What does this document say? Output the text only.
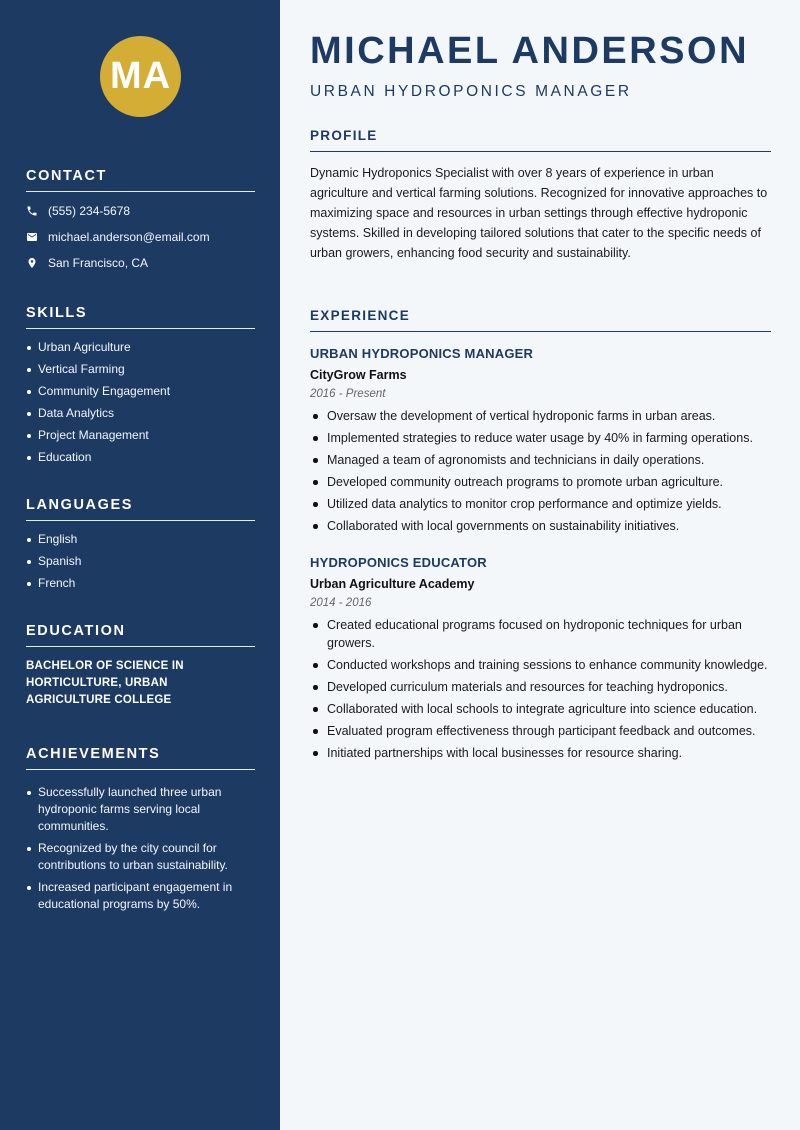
MA
CONTACT
(555) 234-5678
michael.anderson@email.com
San Francisco, CA
SKILLS
Urban Agriculture
Vertical Farming
Community Engagement
Data Analytics
Project Management
Education
LANGUAGES
English
Spanish
French
EDUCATION
BACHELOR OF SCIENCE IN HORTICULTURE, URBAN AGRICULTURE COLLEGE
ACHIEVEMENTS
Successfully launched three urban hydroponic farms serving local communities.
Recognized by the city council for contributions to urban sustainability.
Increased participant engagement in educational programs by 50%.
MICHAEL ANDERSON
URBAN HYDROPONICS MANAGER
PROFILE
Dynamic Hydroponics Specialist with over 8 years of experience in urban agriculture and vertical farming solutions. Recognized for innovative approaches to maximizing space and resources in urban settings through effective hydroponic systems. Skilled in developing tailored solutions that cater to the specific needs of urban growers, enhancing food security and sustainability.
EXPERIENCE
URBAN HYDROPONICS MANAGER
CityGrow Farms
2016 - Present
Oversaw the development of vertical hydroponic farms in urban areas.
Implemented strategies to reduce water usage by 40% in farming operations.
Managed a team of agronomists and technicians in daily operations.
Developed community outreach programs to promote urban agriculture.
Utilized data analytics to monitor crop performance and optimize yields.
Collaborated with local governments on sustainability initiatives.
HYDROPONICS EDUCATOR
Urban Agriculture Academy
2014 - 2016
Created educational programs focused on hydroponic techniques for urban growers.
Conducted workshops and training sessions to enhance community knowledge.
Developed curriculum materials and resources for teaching hydroponics.
Collaborated with local schools to integrate agriculture into science education.
Evaluated program effectiveness through participant feedback and outcomes.
Initiated partnerships with local businesses for resource sharing.
